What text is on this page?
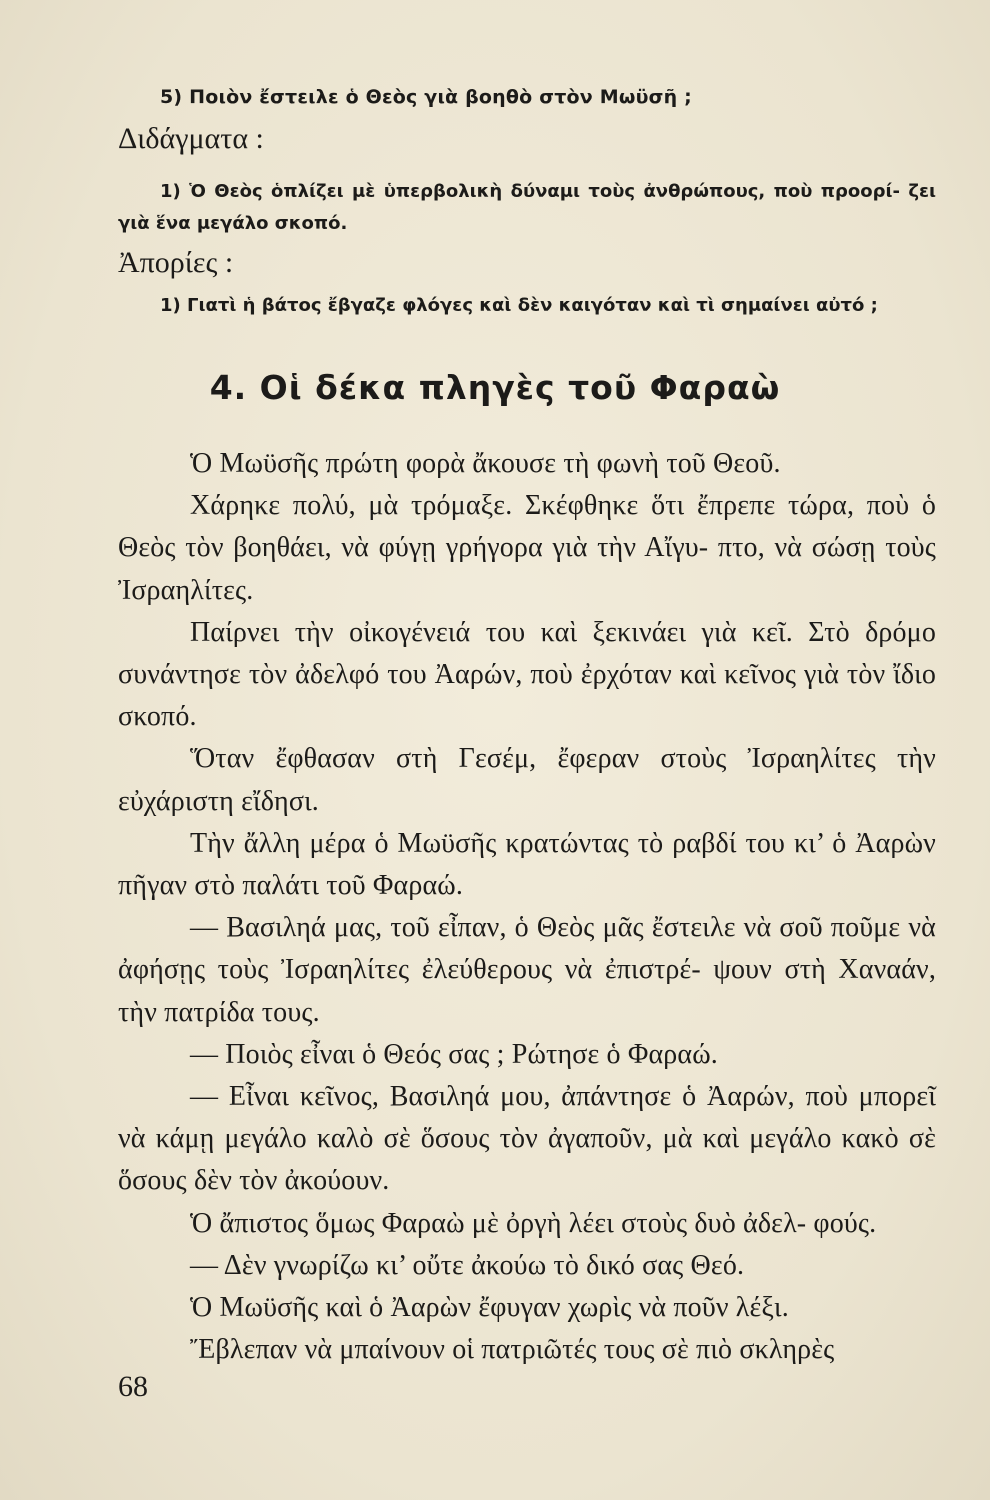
5) Ποιὸν ἔστειλε ὁ Θεὸς γιὰ βοηθὸ στὸν Μωϋσῆ ;
Διδάγματα :
1) Ὁ Θεὸς ὁπλίζει μὲ ὑπερβολικὴ δύναμι τοὺς ἀνθρώπους, ποὺ προορί- ζει γιὰ ἕνα μεγάλο σκοπό.
Ἀπορίες :
1) Γιατὶ ἡ βάτος ἔβγαζε φλόγες καὶ δὲν καιγόταν καὶ τὶ σημαίνει αὐτό ;
4. Οἱ δέκα πληγὲς τοῦ Φαραὼ

Ὁ Μωϋσῆς πρώτη φορὰ ἄκουσε τὴ φωνὴ τοῦ Θεοῦ.

Χάρηκε πολύ, μὰ τρόμαξε. Σκέφθηκε ὅτι ἔπρεπε τώρα, ποὺ ὁ Θεὸς τὸν βοηθάει, νὰ φύγῃ γρήγορα γιὰ τὴν Αἴγυ- πτο, νὰ σώσῃ τοὺς Ἰσραηλίτες.

Παίρνει τὴν οἰκογένειά του καὶ ξεκινάει γιὰ κεῖ. Στὸ δρόμο συνάντησε τὸν ἀδελφό του Ἀαρών, ποὺ ἐρχόταν καὶ κεῖνος γιὰ τὸν ἴδιο σκοπό.

Ὅταν ἔφθασαν στὴ Γεσέμ, ἔφεραν στοὺς Ἰσραηλίτες τὴν εὐχάριστη εἴδησι.

Τὴν ἄλλη μέρα ὁ Μωϋσῆς κρατώντας τὸ ραβδί του κι’ ὁ Ἀαρὼν πῆγαν στὸ παλάτι τοῦ Φαραώ.

— Βασιληά μας, τοῦ εἶπαν, ὁ Θεὸς μᾶς ἔστειλε νὰ σοῦ ποῦμε νὰ ἀφήσῃς τοὺς Ἰσραηλίτες ἐλεύθερους νὰ ἐπιστρέ- ψουν στὴ Χαναάν, τὴν πατρίδα τους.

— Ποιὸς εἶναι ὁ Θεός σας ; Ρώτησε ὁ Φαραώ.

— Εἶναι κεῖνος, Βασιληά μου, ἀπάντησε ὁ Ἀαρών, ποὺ μπορεῖ νὰ κάμῃ μεγάλο καλὸ σὲ ὅσους τὸν ἀγαποῦν, μὰ καὶ μεγάλο κακὸ σὲ ὅσους δὲν τὸν ἀκούουν.

Ὁ ἄπιστος ὅμως Φαραὼ μὲ ὀργὴ λέει στοὺς δυὸ ἀδελ- φούς.

— Δὲν γνωρίζω κι’ οὔτε ἀκούω τὸ δικό σας Θεό.

Ὁ Μωϋσῆς καὶ ὁ Ἀαρὼν ἔφυγαν χωρὶς νὰ ποῦν λέξι.

Ἔβλεπαν νὰ μπαίνουν οἱ πατριῶτές τους σὲ πιὸ σκληρὲς

68
